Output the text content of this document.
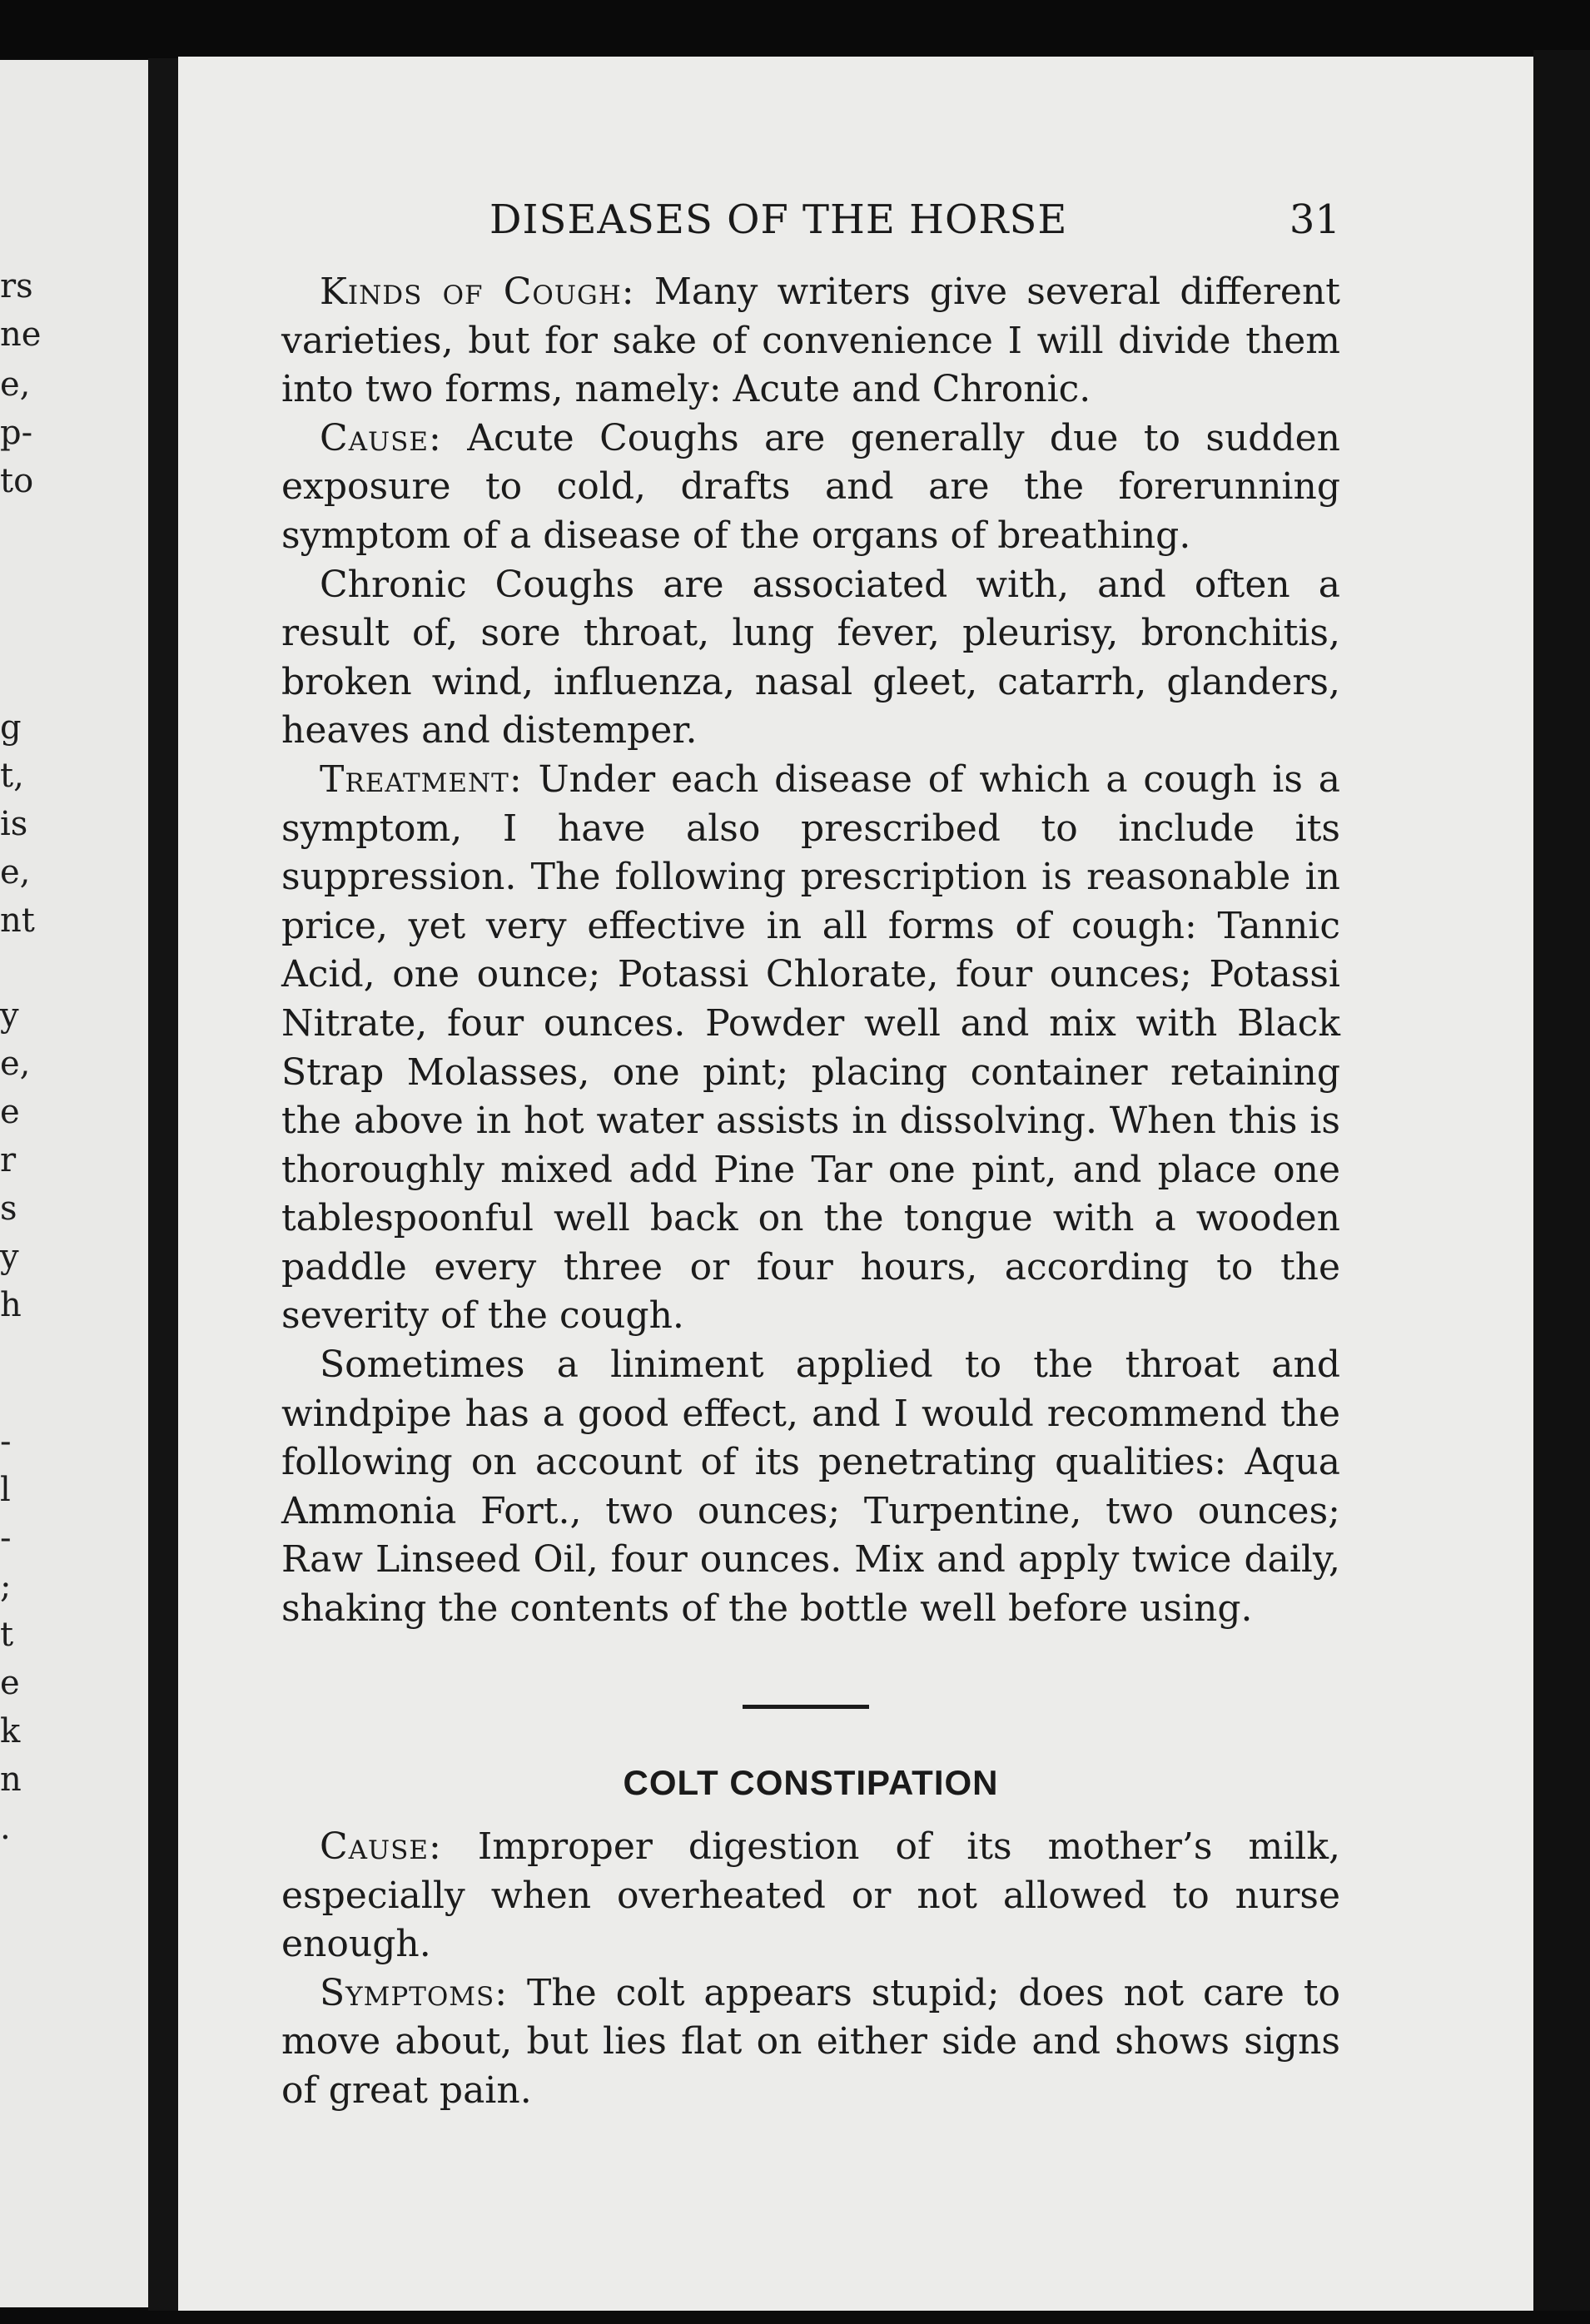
rs
ne
e,
p-
to
g
t,
is
e,
nt
y
e,
e
r
s
y
h
-
l
-
;
t
e
k
n
.
DISEASES OF THE HORSE	31

Kinds of Cough: Many writers give several different varieties, but for sake of convenience I will divide them into two forms, namely: Acute and Chronic.

Cause: Acute Coughs are generally due to sudden exposure to cold, drafts and are the forerunning symptom of a disease of the organs of breathing.

Chronic Coughs are associated with, and often a result of, sore throat, lung fever, pleurisy, bronchitis, broken wind, influenza, nasal gleet, catarrh, glanders, heaves and distemper.

Treatment: Under each disease of which a cough is a symptom, I have also prescribed to include its suppression. The following prescription is reasonable in price, yet very effective in all forms of cough: Tannic Acid, one ounce; Potassi Chlorate, four ounces; Potassi Nitrate, four ounces. Powder well and mix with Black Strap Molasses, one pint; placing container retaining the above in hot water assists in dissolving. When this is thoroughly mixed add Pine Tar one pint, and place one tablespoonful well back on the tongue with a wooden paddle every three or four hours, according to the severity of the cough.

Sometimes a liniment applied to the throat and windpipe has a good effect, and I would recommend the following on account of its penetrating qualities: Aqua Ammonia Fort., two ounces; Turpentine, two ounces; Raw Linseed Oil, four ounces. Mix and apply twice daily, shaking the contents of the bottle well before using.

COLT CONSTIPATION

Cause: Improper digestion of its mother’s milk, especially when overheated or not allowed to nurse enough.

Symptoms: The colt appears stupid; does not care to move about, but lies flat on either side and shows signs of great pain.
